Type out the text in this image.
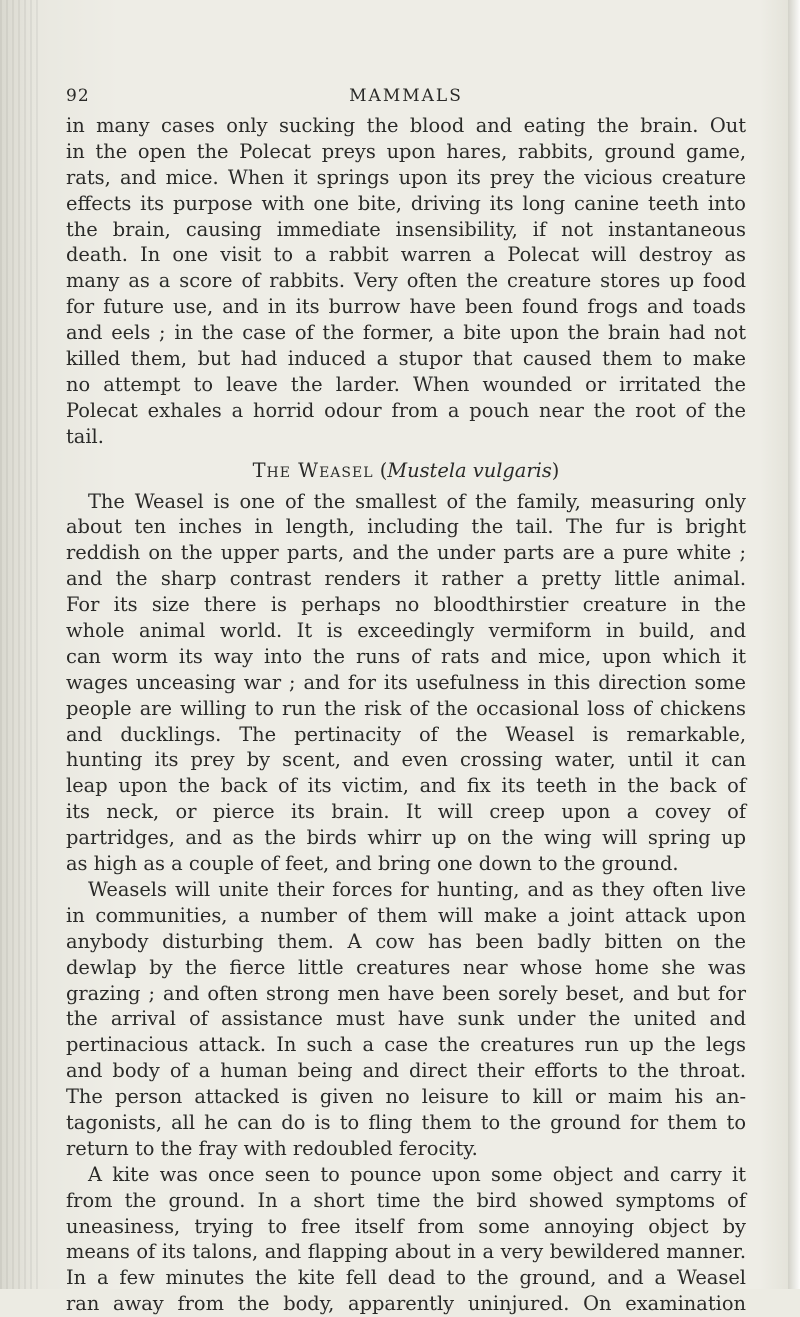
92	MAMMALS
in many cases only sucking the blood and eating the brain. Out
in the open the Polecat preys upon hares, rabbits, ground game,
rats, and mice. When it springs upon its prey the vicious creature
effects its purpose with one bite, driving its long canine teeth into
the brain, causing immediate insensibility, if not instantaneous
death. In one visit to a rabbit warren a Polecat will destroy as
many as a score of rabbits. Very often the creature stores up food
for future use, and in its burrow have been found frogs and toads
and eels ; in the case of the former, a bite upon the brain had not
killed them, but had induced a stupor that caused them to make
no attempt to leave the larder. When wounded or irritated the
Polecat exhales a horrid odour from a pouch near the root of the
tail.
The Weasel (Mustela vulgaris)
The Weasel is one of the smallest of the family, measuring only
about ten inches in length, including the tail. The fur is bright
reddish on the upper parts, and the under parts are a pure white ;
and the sharp contrast renders it rather a pretty little animal.
For its size there is perhaps no bloodthirstier creature in the
whole animal world. It is exceedingly vermiform in build, and
can worm its way into the runs of rats and mice, upon which it
wages unceasing war ; and for its usefulness in this direction some
people are willing to run the risk of the occasional loss of chickens
and ducklings. The pertinacity of the Weasel is remarkable,
hunting its prey by scent, and even crossing water, until it can
leap upon the back of its victim, and fix its teeth in the back of
its neck, or pierce its brain. It will creep upon a covey of
partridges, and as the birds whirr up on the wing will spring up
as high as a couple of feet, and bring one down to the ground.
Weasels will unite their forces for hunting, and as they often live
in communities, a number of them will make a joint attack upon
anybody disturbing them. A cow has been badly bitten on the
dewlap by the fierce little creatures near whose home she was
grazing ; and often strong men have been sorely beset, and but for
the arrival of assistance must have sunk under the united and
pertinacious attack. In such a case the creatures run up the legs
and body of a human being and direct their efforts to the throat.
The person attacked is given no leisure to kill or maim his an-
tagonists, all he can do is to fling them to the ground for them to
return to the fray with redoubled ferocity.
A kite was once seen to pounce upon some object and carry it
from the ground. In a short time the bird showed symptoms of
uneasiness, trying to free itself from some annoying object by
means of its talons, and flapping about in a very bewildered manner.
In a few minutes the kite fell dead to the ground, and a Weasel
ran away from the body, apparently uninjured. On examination
